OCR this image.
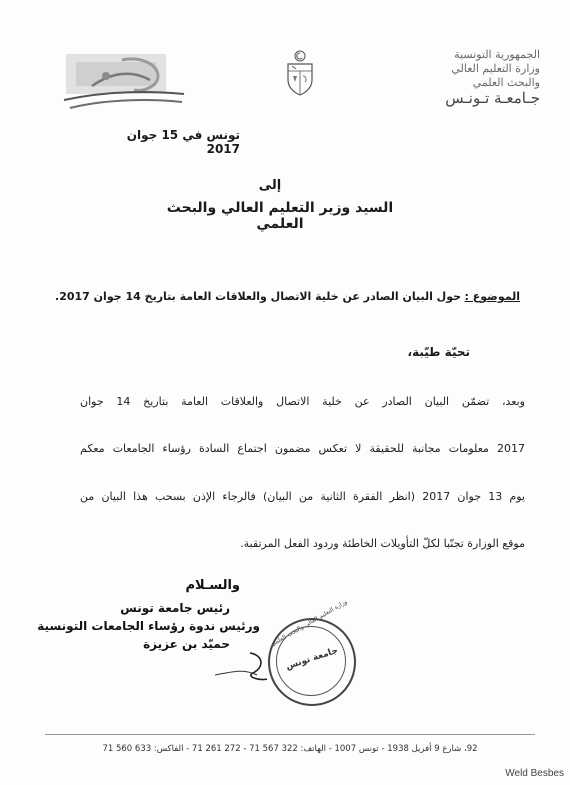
الجمهورية التونسية
وزارة التعليم العالي
والبحث العلمي
جـامعـة تـونـس
تونس في 15 جوان 2017
إلى
السيد وزير التعليم العالي والبحث العلمي
الموضوع : حول البيان الصادر عن خلية الاتصال والعلاقات العامة بتاريخ 14 جوان 2017.
تحيّة طيّبة،
وبعد، تضمّن البيان الصادر عن خلية الاتصال والعلاقات العامة بتاريخ 14 جوان
2017 معلومات مجانبة للحقيقة لا تعكس مضمون اجتماع السادة رؤساء الجامعات معكم
يوم 13 جوان 2017 (انظر الفقرة الثانية من البيان) فالرجاء الإذن بسحب هذا البيان من
موقع الوزارة تجنّبا لكلّ التأويلات الخاطئة وردود الفعل المرتقبة.
والسـلام
رئيس جامعة تونس
ورئيس ندوة رؤساء الجامعات التونسية
حميّد بن عزيزة
جامعة تونس
وزارة التعليم العالي والبحث العلمي
92، شارع 9 أفريل 1938 - تونس 1007 - الهاتف: 322 567 71 - 272 261 71 - الفاكس: 633 560 71
Weld Besbes
